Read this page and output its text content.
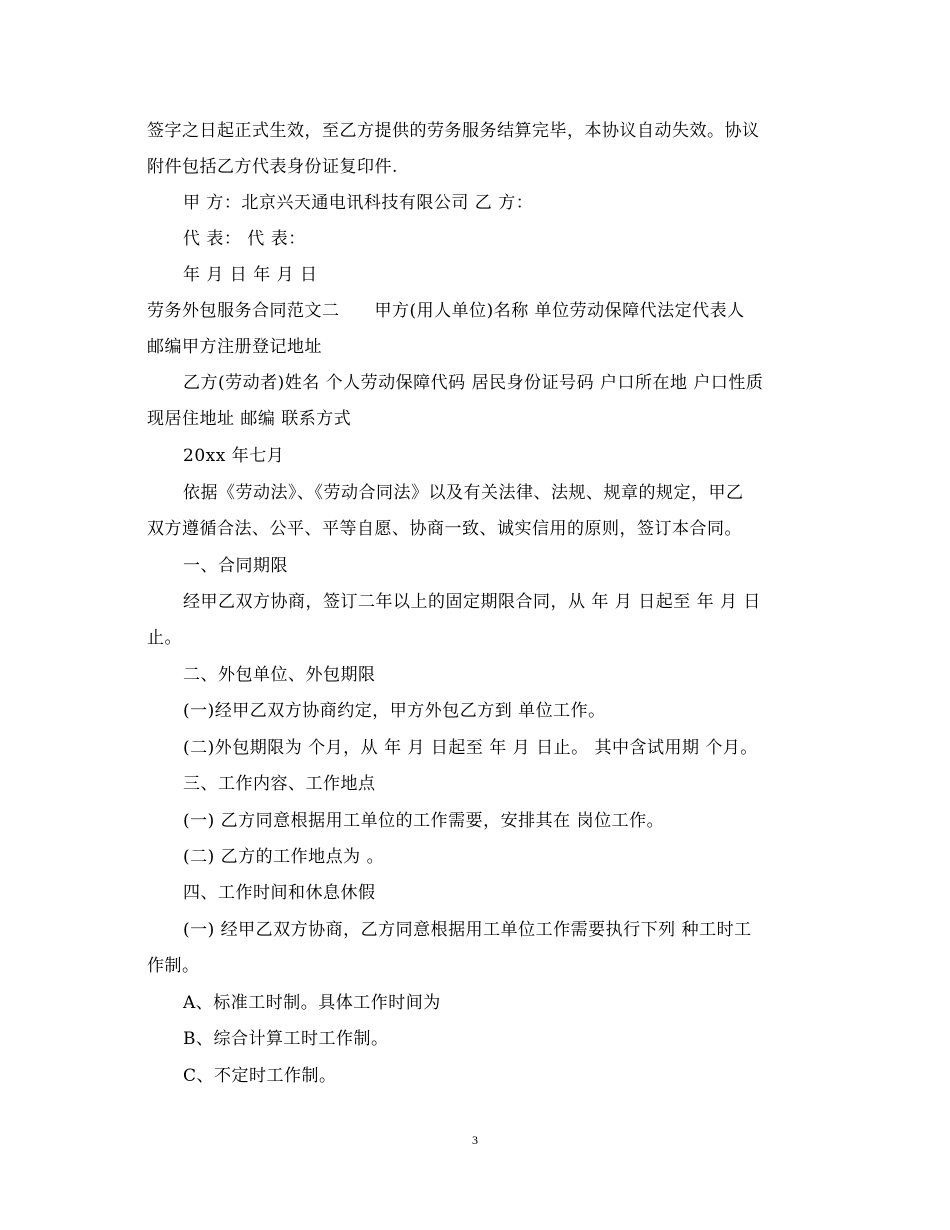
签字之日起正式生效，至乙方提供的劳务服务结算完毕，本协议自动失效。协议
附件包括乙方代表身份证复印件.
甲 方：北京兴天通电讯科技有限公司 乙 方：
代 表： 代 表：
年 月 日 年 月 日
劳务外包服务合同范文二　　甲方(用人单位)名称 单位劳动保障代法定代表人
邮编甲方注册登记地址
乙方(劳动者)姓名 个人劳动保障代码 居民身份证号码 户口所在地 户口性质
现居住地址 邮编 联系方式
20xx 年七月
依据《劳动法》、《劳动合同法》以及有关法律、法规、规章的规定，甲乙
双方遵循合法、公平、平等自愿、协商一致、诚实信用的原则，签订本合同。
一、合同期限
经甲乙双方协商，签订二年以上的固定期限合同，从 年 月 日起至 年 月 日
止。
二、外包单位、外包期限
(一)经甲乙双方协商约定，甲方外包乙方到 单位工作。
(二)外包期限为 个月，从 年 月 日起至 年 月 日止。 其中含试用期 个月。
三、工作内容、工作地点
(一) 乙方同意根据用工单位的工作需要，安排其在 岗位工作。
(二) 乙方的工作地点为 。
四、工作时间和休息休假
(一) 经甲乙双方协商，乙方同意根据用工单位工作需要执行下列 种工时工
作制。
A、标准工时制。具体工作时间为
B、综合计算工时工作制。
C、不定时工作制。
3
